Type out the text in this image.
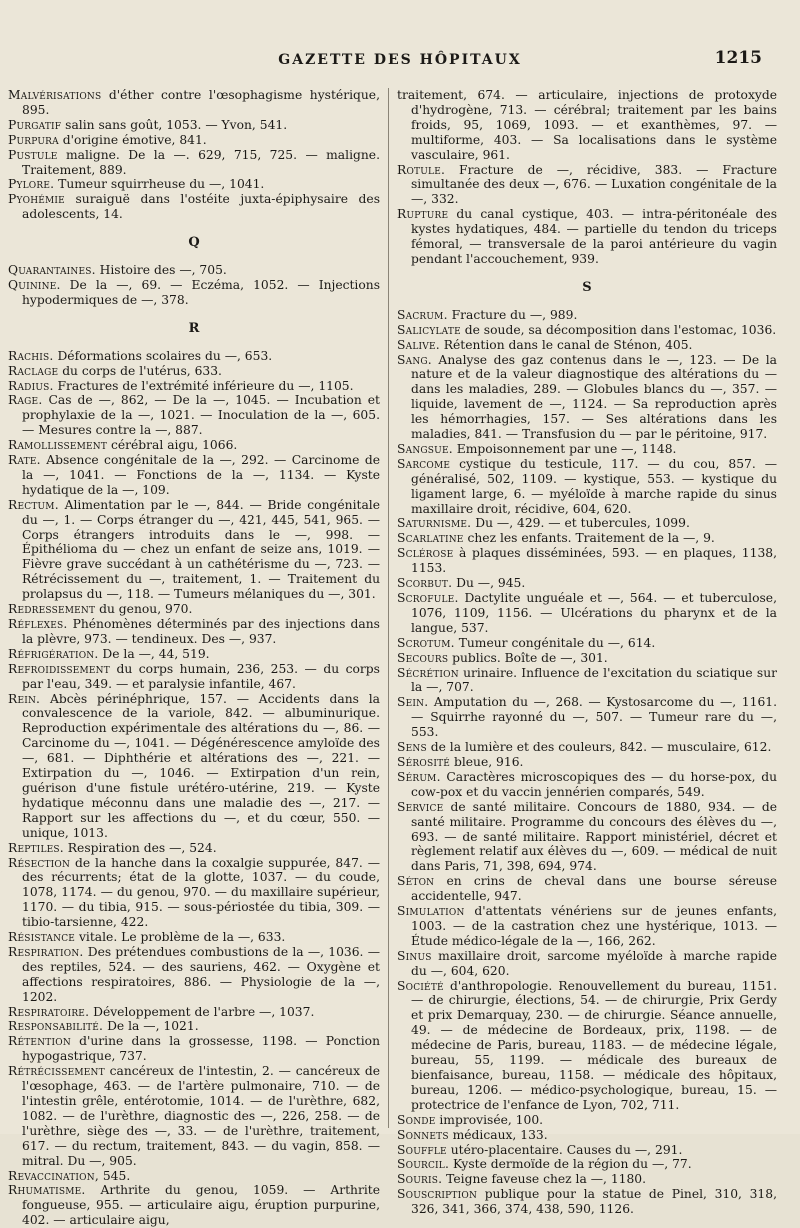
GAZETTE DES HÔPITAUX	1215

Malvérisations d'éther contre l'œsophagisme hystérique, 895.

Purgatif salin sans goût, 1053. — Yvon, 541.

Purpura d'origine émotive, 841.

Pustule maligne. De la —. 629, 715, 725. — maligne. Traitement, 889.

Pylore. Tumeur squirrheuse du —, 1041.

Pyohémie suraiguë dans l'ostéite juxta-épiphysaire des adolescents, 14.

Q

Quarantaines. Histoire des —, 705.

Quinine. De la —, 69. — Eczéma, 1052. — Injections hypodermiques de —, 378.

R

Rachis. Déformations scolaires du —, 653.

Raclage du corps de l'utérus, 633.

Radius. Fractures de l'extrémité inférieure du —, 1105.

Rage. Cas de —, 862, — De la —, 1045. — Incubation et prophylaxie de la —, 1021. — Inoculation de la —, 605. — Mesures contre la —, 887.

Ramollissement cérébral aigu, 1066.

Rate. Absence congénitale de la —, 292. — Carcinome de la —, 1041. — Fonctions de la —, 1134. — Kyste hydatique de la —, 109.

Rectum. Alimentation par le —, 844. — Bride congénitale du —, 1. — Corps étranger du —, 421, 445, 541, 965. — Corps étrangers introduits dans le —, 998. — Épithélioma du — chez un enfant de seize ans, 1019. — Fièvre grave succédant à un cathétérisme du —, 723. — Rétrécissement du —, traitement, 1. — Traitement du prolapsus du —, 118. — Tumeurs mélaniques du —, 301.

Redressement du genou, 970.

Réflexes. Phénomènes déterminés par des injections dans la plèvre, 973. — tendineux. Des —, 937.

Réfrigération. De la —, 44, 519.

Refroidissement du corps humain, 236, 253. — du corps par l'eau, 349. — et paralysie infantile, 467.

Rein. Abcès périnéphrique, 157. — Accidents dans la convalescence de la variole, 842. — albuminurique. Reproduction expérimentale des altérations du —, 86. — Carcinome du —, 1041. — Dégénérescence amyloïde des —, 681. — Diphthérie et altérations des —, 221. — Extirpation du —, 1046. — Extirpation d'un rein, guérison d'une fistule urétéro-utérine, 219. — Kyste hydatique méconnu dans une maladie des —, 217. — Rapport sur les affections du —, et du cœur, 550. — unique, 1013.

Reptiles. Respiration des —, 524.

Résection de la hanche dans la coxalgie suppurée, 847. — des récurrents; état de la glotte, 1037. — du coude, 1078, 1174. — du genou, 970. — du maxillaire supérieur, 1170. — du tibia, 915. — sous-périostée du tibia, 309. — tibio-tarsienne, 422.

Résistance vitale. Le problème de la —, 633.

Respiration. Des prétendues combustions de la —, 1036. — des reptiles, 524. — des sauriens, 462. — Oxygène et affections respiratoires, 886. — Physiologie de la —, 1202.

Respiratoire. Développement de l'arbre —, 1037.

Responsabilité. De la —, 1021.

Rétention d'urine dans la grossesse, 1198. — Ponction hypogastrique, 737.

Rétrécissement cancéreux de l'intestin, 2. — cancéreux de l'œsophage, 463. — de l'artère pulmonaire, 710. — de l'intestin grêle, entérotomie, 1014. — de l'urèthre, 682, 1082. — de l'urèthre, diagnostic des —, 226, 258. — de l'urèthre, siège des —, 33. — de l'urèthre, traitement, 617. — du rectum, traitement, 843. — du vagin, 858. — mitral. Du —, 905.

Revaccination, 545.

Rhumatisme. Arthrite du genou, 1059. — Arthrite fongueuse, 955. — articulaire aigu, éruption purpurine, 402. — articulaire aigu,

traitement, 674. — articulaire, injections de protoxyde d'hydrogène, 713. — cérébral; traitement par les bains froids, 95, 1069, 1093. — et exanthèmes, 97. — multiforme, 403. — Sa localisations dans le système vasculaire, 961.

Rotule. Fracture de —, récidive, 383. — Fracture simultanée des deux —, 676. — Luxation congénitale de la —, 332.

Rupture du canal cystique, 403. — intra-péritonéale des kystes hydatiques, 484. — partielle du tendon du triceps fémoral, — transversale de la paroi antérieure du vagin pendant l'accouchement, 939.

S

Sacrum. Fracture du —, 989.

Salicylate de soude, sa décomposition dans l'estomac, 1036.

Salive. Rétention dans le canal de Sténon, 405.

Sang. Analyse des gaz contenus dans le —, 123. — De la nature et de la valeur diagnostique des altérations du — dans les maladies, 289. — Globules blancs du —, 357. — liquide, lavement de —, 1124. — Sa reproduction après les hémorrhagies, 157. — Ses altérations dans les maladies, 841. — Transfusion du — par le péritoine, 917.

Sangsue. Empoisonnement par une —, 1148.

Sarcome cystique du testicule, 117. — du cou, 857. — généralisé, 502, 1109. — kystique, 553. — kystique du ligament large, 6. — myéloïde à marche rapide du sinus maxillaire droit, récidive, 604, 620.

Saturnisme. Du —, 429. — et tubercules, 1099.

Scarlatine chez les enfants. Traitement de la —, 9.

Sclérose à plaques disséminées, 593. — en plaques, 1138, 1153.

Scorbut. Du —, 945.

Scrofule. Dactylite unguéale et —, 564. — et tuberculose, 1076, 1109, 1156. — Ulcérations du pharynx et de la langue, 537.

Scrotum. Tumeur congénitale du —, 614.

Secours publics. Boîte de —, 301.

Sécrétion urinaire. Influence de l'excitation du sciatique sur la —, 707.

Sein. Amputation du —, 268. — Kystosarcome du —, 1161. — Squirrhe rayonné du —, 507. — Tumeur rare du —, 553.

Sens de la lumière et des couleurs, 842. — musculaire, 612.

Sérosité bleue, 916.

Sérum. Caractères microscopiques des — du horse-pox, du cow-pox et du vaccin jennérien comparés, 549.

Service de santé militaire. Concours de 1880, 934. — de santé militaire. Programme du concours des élèves du —, 693. — de santé militaire. Rapport ministériel, décret et règlement relatif aux élèves du —, 609. — médical de nuit dans Paris, 71, 398, 694, 974.

Séton en crins de cheval dans une bourse séreuse accidentelle, 947.

Simulation d'attentats vénériens sur de jeunes enfants, 1003. — de la castration chez une hystérique, 1013. — Étude médico-légale de la —, 166, 262.

Sinus maxillaire droit, sarcome myéloïde à marche rapide du —, 604, 620.

Société d'anthropologie. Renouvellement du bureau, 1151. — de chirurgie, élections, 54. — de chirurgie, Prix Gerdy et prix Demarquay, 230. — de chirurgie. Séance annuelle, 49. — de médecine de Bordeaux, prix, 1198. — de médecine de Paris, bureau, 1183. — de médecine légale, bureau, 55, 1199. — médicale des bureaux de bienfaisance, bureau, 1158. — médicale des hôpitaux, bureau, 1206. — médico-psychologique, bureau, 15. — protectrice de l'enfance de Lyon, 702, 711.

Sonde improvisée, 100.

Sonnets médicaux, 133.

Souffle utéro-placentaire. Causes du —, 291.

Sourcil. Kyste dermoïde de la région du —, 77.

Souris. Teigne faveuse chez la —, 1180.

Souscription publique pour la statue de Pinel, 310, 318, 326, 341, 366, 374, 438, 590, 1126.
